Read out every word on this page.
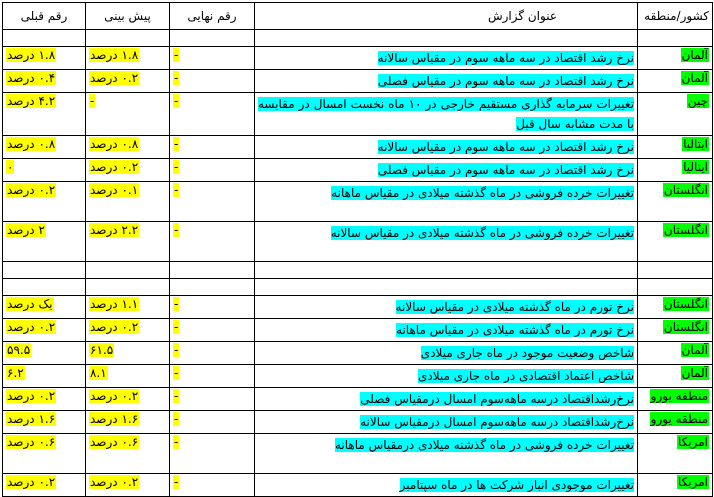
کشور/منطقه	عنوان گزارش	رقم نهایی	پیش بینی	رقم قبلی

آلمان	نرخ رشد اقتصاد در سه ماهه سوم در مقیاس سالانه	-	۱.۸ درصد	۱.۸ درصد
آلمان	نرخ رشد اقتصاد در سه ماهه سوم در مقیاس فصلی	-	۰.۲ درصد	۰.۴ درصد
چین	تغییرات سرمایه گذاری مستقیم خارجی در ۱۰ ماه نخست امسال در مقایسه با مدت مشابه سال قبل	-	-	۴.۲ درصد
ایتالیا	نرخ رشد اقتصاد در سه ماهه سوم در مقیاس سالانه	-	۰.۸ درصد	۰.۸ درصد
ایتالیا	نرخ رشد اقتصاد در سه ماهه سوم در مقیاس فصلی	-	۰.۲ درصد	۰
انگلستان	تغییرات خرده فروشی در ماه گذشته میلادی در مقیاس ماهانه	-	۰.۱ درصد	۰.۲ درصد
انگلستان	تغییرات خرده فروشی در ماه گذشته میلادی در مقیاس سالانه	-	۲.۲ درصد	۲ درصد

انگلستان	نرخ تورم در ماه گذشته میلادی در مقیاس سالانه	-	۱.۱ درصد	یک درصد
انگلستان	نرخ تورم در ماه گذشته میلادی در مقیاس ماهانه	-	۰.۲ درصد	۰.۲ درصد
آلمان	شاخص وضعیت موجود در ماه جاری میلادی	-	۶۱.۵	۵۹.۵
آلمان	شاخص اعتماد اقتصادی در ماه جاری میلادی	-	۸.۱	۶.۲
منطقه یورو	نرخ‌رشداقتصاد درسه ماهه‌سوم امسال درمقیاس فصلی	-	۰.۲ درصد	۰.۲ درصد
منطقه یورو	نرخ‌رشداقتصاد درسه ماهه‌سوم امسال درمقیاس سالانه	-	۱.۶ درصد	۱.۶ درصد
امریکا	تغییرات خرده فروشی در ماه گذشته میلادی درمقیاس ماهانه	-	۰.۶ درصد	۰.۶ درصد
امریکا	تغییرات موجودی انبار شرکت ها در ماه سپتامبر	-	۰.۲ درصد	۰.۲ درصد
